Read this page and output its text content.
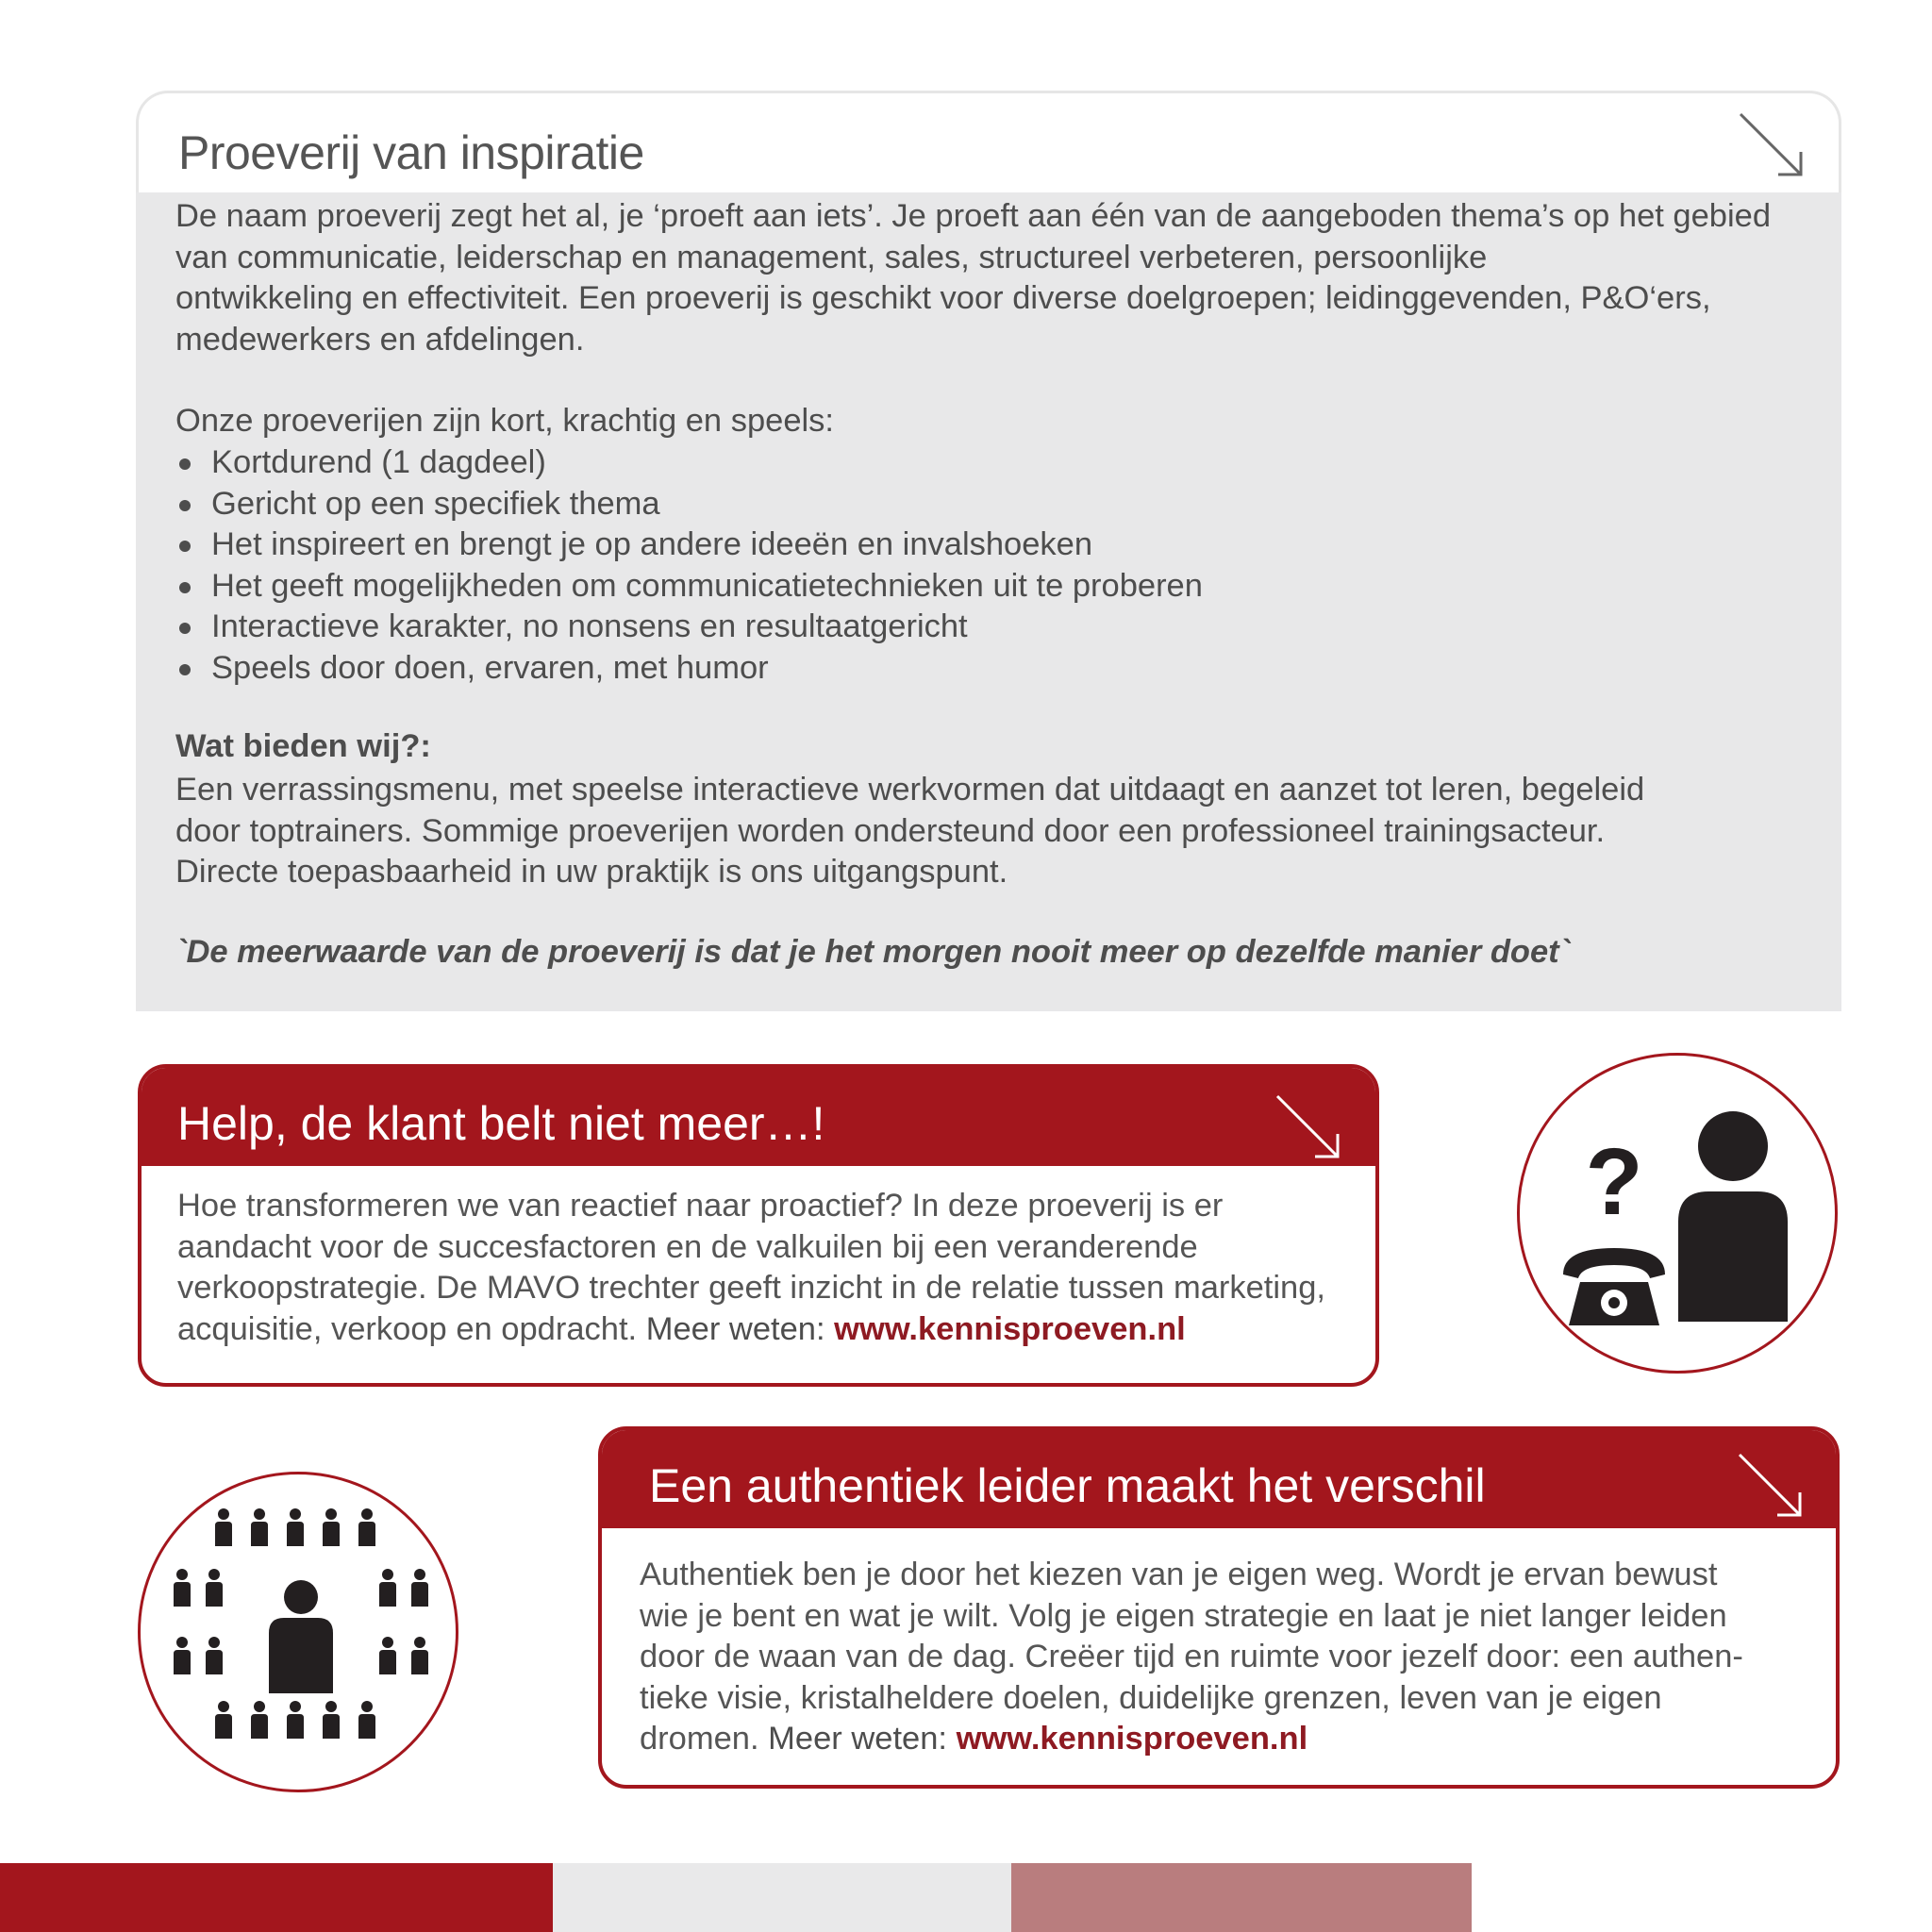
Proeverij van inspiratie
De naam proeverij zegt het al, je ‘proeft aan iets’. Je proeft aan één van de aangeboden thema’s op het gebied
van communicatie, leiderschap en management, sales, structureel verbeteren, persoonlijke
ontwikkeling en effectiviteit. Een proeverij is geschikt voor diverse doelgroepen; leidinggevenden, P&O‘ers,
medewerkers en afdelingen.
Onze proeverijen zijn kort, krachtig en speels:
Kortdurend (1 dagdeel)
Gericht op een specifiek thema
Het inspireert en brengt je op andere ideeën en invalshoeken
Het geeft mogelijkheden om communicatietechnieken uit te proberen
Interactieve karakter, no nonsens en resultaatgericht
Speels door doen, ervaren, met humor
Wat bieden wij?:
Een verrassingsmenu, met speelse interactieve werkvormen dat uitdaagt en aanzet tot leren, begeleid
door toptrainers. Sommige proeverijen worden ondersteund door een professioneel trainingsacteur.
Directe toepasbaarheid in uw praktijk is ons uitgangspunt.
`De meerwaarde van de proeverij is dat je het morgen nooit meer op dezelfde manier doet`
Help, de klant belt niet meer…!
Hoe transformeren we van reactief naar proactief? In deze proeverij is er
aandacht voor de succesfactoren en de valkuilen bij een veranderende
verkoopstrategie. De MAVO trechter geeft inzicht in de relatie tussen marketing,
acquisitie, verkoop en opdracht. Meer weten: www.kennisproeven.nl
?
Een authentiek leider maakt het verschil
Authentiek ben je door het kiezen van je eigen weg. Wordt je ervan bewust
wie je bent en wat je wilt. Volg je eigen strategie en laat je niet langer leiden
door de waan van de dag. Creëer tijd en ruimte voor jezelf door: een authen-
tieke visie, kristalheldere doelen, duidelijke grenzen, leven van je eigen
dromen. Meer weten: www.kennisproeven.nl
